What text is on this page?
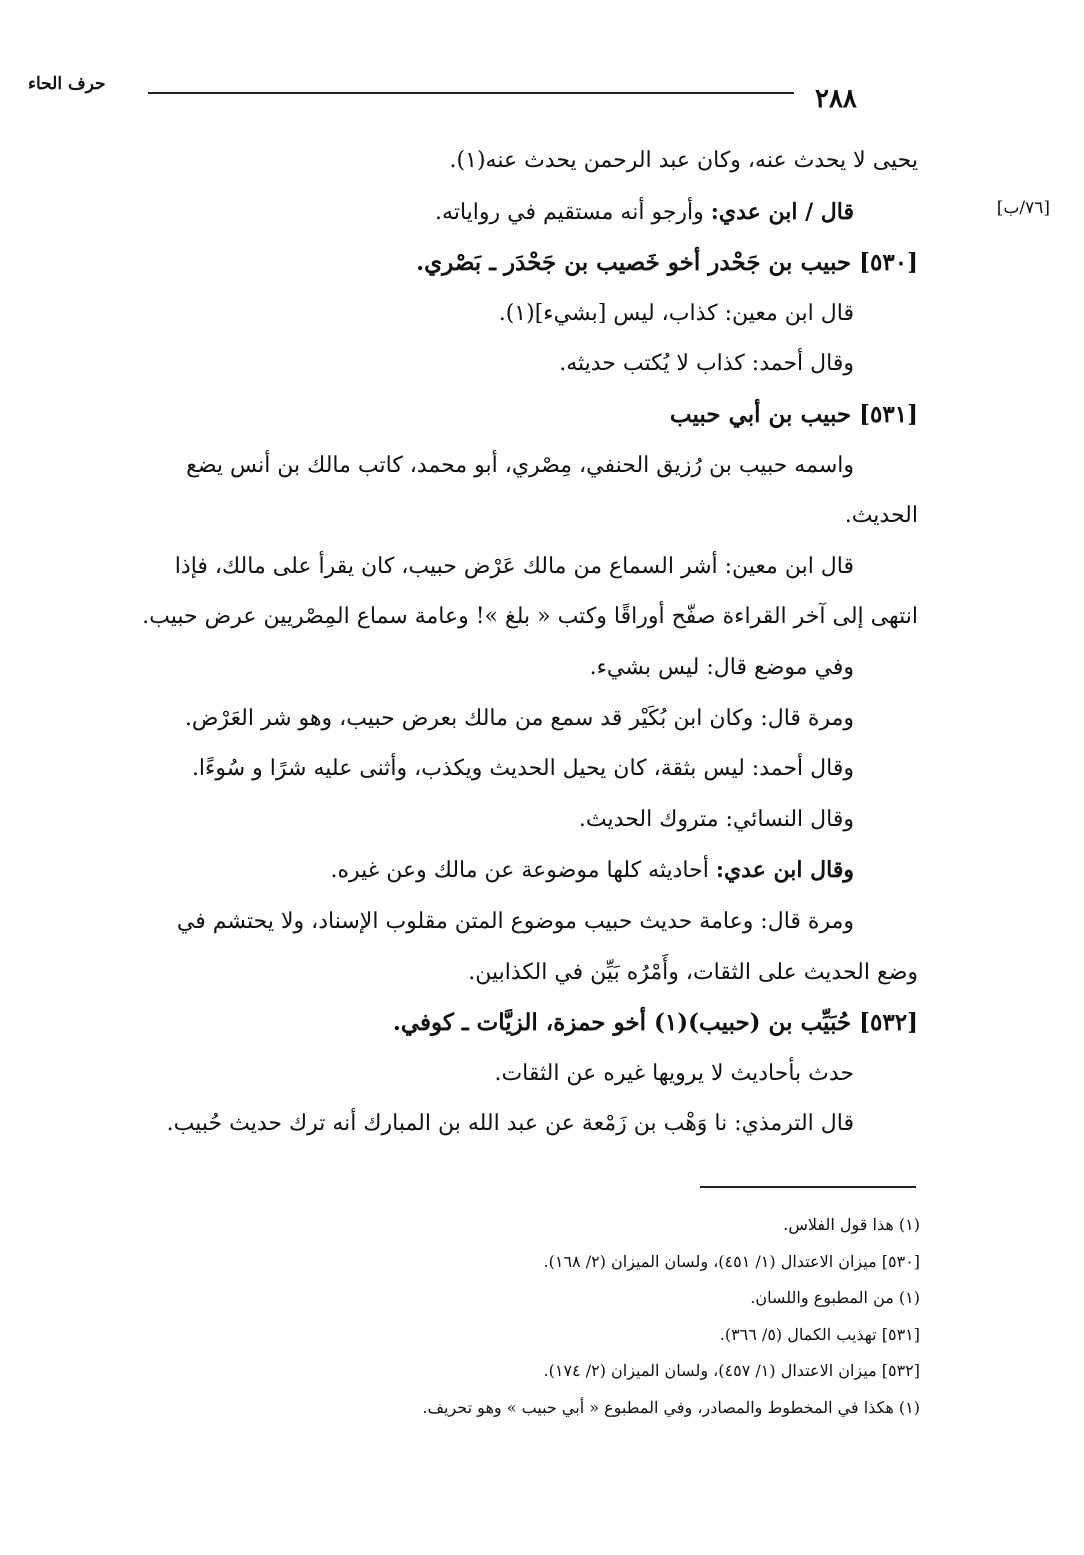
حرف الحاء	٢٨٨
[٧٦/ب]

يحيى لا يحدث عنه، وكان عبد الرحمن يحدث عنه(١).

قال / ابن عدي: وأرجو أنه مستقيم في رواياته.

[٥٣٠] حبيب بن جَحْدر أخو خَصيب بن جَحْدَر ـ بَصْري.

قال ابن معين: كذاب، ليس [بشيء](١).

وقال أحمد: كذاب لا يُكتب حديثه.

[٥٣١] حبيب بن أبي حبيب

واسمه حبيب بن رُزيق الحنفي، مِصْري، أبو محمد، كاتب مالك بن أنس يضع

الحديث.

قال ابن معين: أشر السماع من مالك عَرْض حبيب، كان يقرأ على مالك، فإذا

انتهى إلى آخر القراءة صفّح أوراقًا وكتب « بلغ »! وعامة سماع المِصْريين عرض حبيب.

وفي موضع قال: ليس بشيء.

ومرة قال: وكان ابن بُكَيْر قد سمع من مالك بعرض حبيب، وهو شر العَرْض.

وقال أحمد: ليس بثقة، كان يحيل الحديث ويكذب، وأثنى عليه شرًا و سُوءًا.

وقال النسائي: متروك الحديث.

وقال ابن عدي: أحاديثه كلها موضوعة عن مالك وعن غيره.

ومرة قال: وعامة حديث حبيب موضوع المتن مقلوب الإسناد، ولا يحتشم في

وضع الحديث على الثقات، وأَمْرُه بَيِّن في الكذابين.

[٥٣٢] حُبَيِّب بن (حبيب)(١) أخو حمزة، الزيَّات ـ كوفي.

حدث بأحاديث لا يرويها غيره عن الثقات.

قال الترمذي: نا وَهْب بن زَمْعة عن عبد الله بن المبارك أنه ترك حديث حُبيب.

(١) هذا قول الفلاس.

[٥٣٠] ميزان الاعتدال (١/ ٤٥١)، ولسان الميزان (٢/ ١٦٨).

(١) من المطبوع واللسان.

[٥٣١] تهذيب الكمال (٥/ ٣٦٦).

[٥٣٢] ميزان الاعتدال (١/ ٤٥٧)، ولسان الميزان (٢/ ١٧٤).

(١) هكذا في المخطوط والمصادر، وفي المطبوع « أبي حبيب » وهو تحريف.
